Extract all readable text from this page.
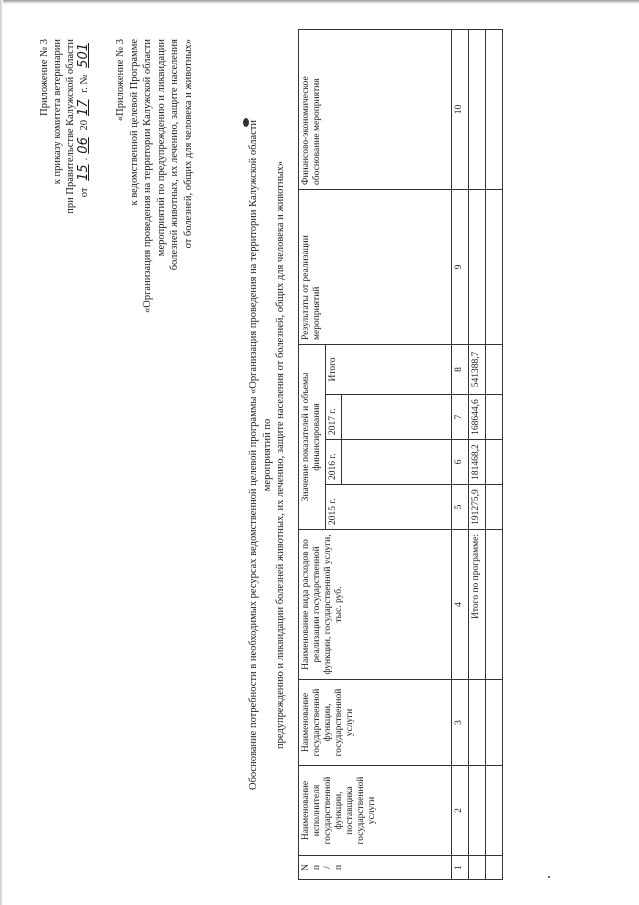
Приложение № 3 к приказу комитета ветеринарии при Правительстве Калужской области от 15.06 2017 г. № 501 «Приложение № 3 к ведомственной целевой Программе «Организация проведения на территории Калужской области мероприятий по предупреждению и ликвидации болезней животных, их лечению, защите населения от болезней, общих для человека и животных»	Обоснование потребности в необходимых ресурсах ведомственной целевой программы «Организация проведения на территории Калужской области мероприятий по предупреждению и ликвидации болезней животных, их лечению, защите населения от болезней, общих для человека и животных»
N п / п	Наименование исполнителя государственной функции, поставщика государственной услуги	Наименование государственной функции, государственной услуги	Наименование вида расходов по реализации государственной функции, государственной услуги, тыс. руб.	Значение показателей и объемы финансирования				Результаты от реализации мероприятий	Финансово-экономическое обоснование мероприятия
				2015 г.	2016 г.	2017 г.	Итого		

1	2	3	4	5	6	7	8	9	10
			Итого по программе:	191275,9	181468,2	168644,6	541388,7		
